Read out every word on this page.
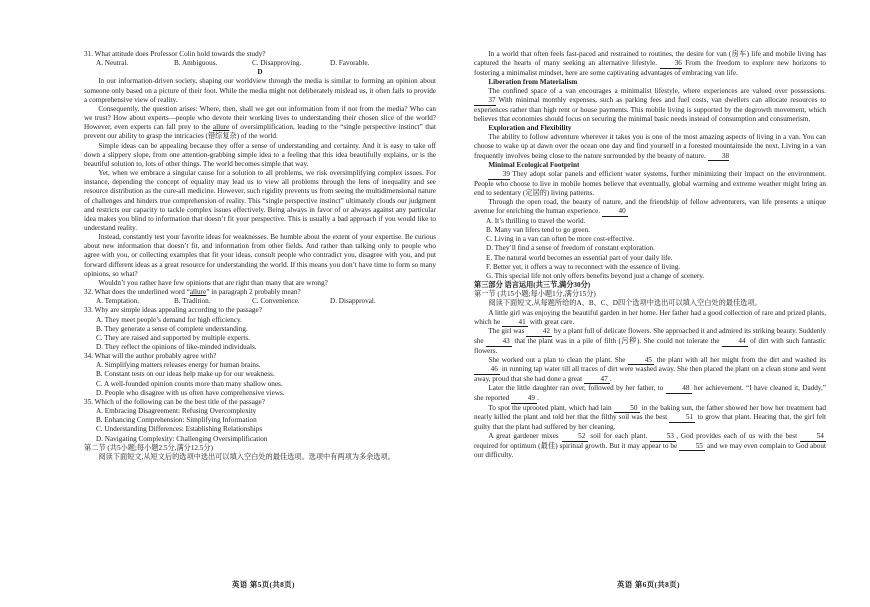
31. What attitude does Professor Colin hold towards the study?

A. Neutral.	B. Ambiguous.	C. Disapproving.	D. Favorable.

D

In our information-driven society, shaping our worldview through the media is similar to forming an opinion about someone only based on a picture of their foot. While the media might not deliberately mislead us, it often fails to provide a comprehensive view of reality.

Consequently, the question arises: Where, then, shall we get our information from if not from the media? Who can we trust? How about experts—people who devote their working lives to understanding their chosen slice of the world? However, even experts can fall prey to the allure of oversimplification, leading to the “single perspective instinct” that prevent our ability to grasp the intricacies (错综复杂) of the world.

Simple ideas can be appealing because they offer a sense of understanding and certainty. And it is easy to take off down a slippery slope, from one attention-grabbing simple idea to a feeling that this idea beautifully explains, or is the beautiful solution to, lots of other things. The world becomes simple that way.

Yet, when we embrace a singular cause for a solution to all problems, we risk oversimplifying complex issues. For instance, depending the concept of equality may lead us to view all problems through the lens of inequality and see resource distribution as the cure-all medicine. However, such rigidity prevents us from seeing the multidimensional nature of challenges and hinders true comprehension of reality. This “single perspective instinct” ultimately clouds our judgment and restricts our capacity to tackle complex issues effectively. Being always in favor of or always against any particular idea makes you blind to information that doesn’t fit your perspective. This is usually a bad approach if you would like to understand reality.

Instead, constantly test your favorite ideas for weaknesses. Be humble about the extent of your expertise. Be curious about new information that doesn’t fit, and information from other fields. And rather than talking only to people who agree with you, or collecting examples that fit your ideas, consult people who contradict you, disagree with you, and put forward different ideas as a great resource for understanding the world. If this means you don’t have time to form so many opinions, so what?

Wouldn’t you rather have few opinions that are right than many that are wrong?

32. What does the underlined word “allure” in paragraph 2 probably mean?

A. Temptation.	B. Tradition.	C. Convenience.	D. Disapproval.

33. Why are simple ideas appealing according to the passage?

A. They meet people’s demand for high efficiency.

B. They generate a sense of complete understanding.

C. They are raised and supported by multiple experts.

D. They reflect the opinions of like-minded individuals.

34. What will the author probably agree with?

A. Simplifying matters releases energy for human brains.

B. Constant tests on our ideas help make up for our weakness.

C. A well-founded opinion counts more than many shallow ones.

D. People who disagree with us often have comprehensive views.

35. Which of the following can be the best title of the passage?

A. Embracing Disagreement: Refusing Overcomplexity

B. Enhancing Comprehension: Simplifying Information

C. Understanding Differences: Establishing Relationships

D. Navigating Complexity: Challenging Oversimplification

第二节 (共5小题;每小题2.5分,满分12.5分)

阅读下面短文,从短文后的选项中选出可以填入空白处的最佳选项。选项中有两项为多余选项。

In a world that often feels fast-paced and restrained to routines, the desire for van (房车) life and mobile living has captured the hearts of many seeking an alternative lifestyle. 36 From the freedom to explore new horizons to fostering a minimalist mindset, here are some captivating advantages of embracing van life.

Liberation from Materialism

The confined space of a van encourages a minimalist lifestyle, where experiences are valued over possessions. 37 With minimal monthly expenses, such as parking fees and fuel costs, van dwellers can allocate resources to experiences rather than high rent or house payments. This mobile living is supported by the degrowth movement, which believes that economies should focus on securing the minimal basic needs instead of consumption and consumerism.

Exploration and Flexibility

The ability to follow adventure wherever it takes you is one of the most amazing aspects of living in a van. You can choose to wake up at dawn over the ocean one day and find yourself in a forested mountainside the next. Living in a van frequently involves being close to the nature surrounded by the beauty of nature. 38

Minimal Ecological Footprint

39 They adopt solar panels and efficient water systems, further minimizing their impact on the environment. People who choose to live in mobile homes believe that eventually, global warming and extreme weather might bring an end to sedentary (定居的) living patterns.

Through the open road, the beauty of nature, and the friendship of fellow adventurers, van life presents a unique avenue for enriching the human experience. 40

A. It’s thrilling to travel the world.

B. Many van lifers tend to go green.

C. Living in a van can often be more cost-effective.

D. They’ll find a sense of freedom of constant exploration.

E. The natural world becomes an essential part of your daily life.

F. Better yet, it offers a way to reconnect with the essence of living.

G. This special life not only offers benefits beyond just a change of scenery.

第三部分 语言运用(共三节,满分30分)

第一节 (共15小题;每小题1分,满分15分)

阅读下面短文,从每题所给的A、B、C、D四个选项中选出可以填入空白处的最佳选项。

A little girl was enjoying the beautiful garden in her home. Her father had a good collection of rare and prized plants, which he 41 with great care.

The girl was 42 by a plant full of delicate flowers. She approached it and admired its striking beauty. Suddenly she 43 that the plant was in a pile of filth (污秽). She could not tolerate the 44 of dirt with such fantastic flowers.

She worked out a plan to clean the plant. She 45 the plant with all her might from the dirt and washed its 46 in running tap water till all traces of dirt were washed away. She then placed the plant on a clean stone and went away, proud that she had done a great 47 .

Later the little daughter ran over, followed by her father, to 48 her achievement. “I have cleaned it, Daddy,” she reported 49 .

To spot the uprooted plant, which had lain 50 in the baking sun, the father showed her how her treatment had nearly killed the plant and told her that the filthy soil was the best 51 to grow that plant. Hearing that, the girl felt guilty that the plant had suffered by her cleaning.

A great gardener mixes 52 soil for each plant. 53 , God provides each of us with the best 54 required for optimum (最佳) spiritual growth. But it may appear to be 55 and we may even complain to God about our difficulty.

英语 第5页(共8页)	英语 第6页(共8页)
